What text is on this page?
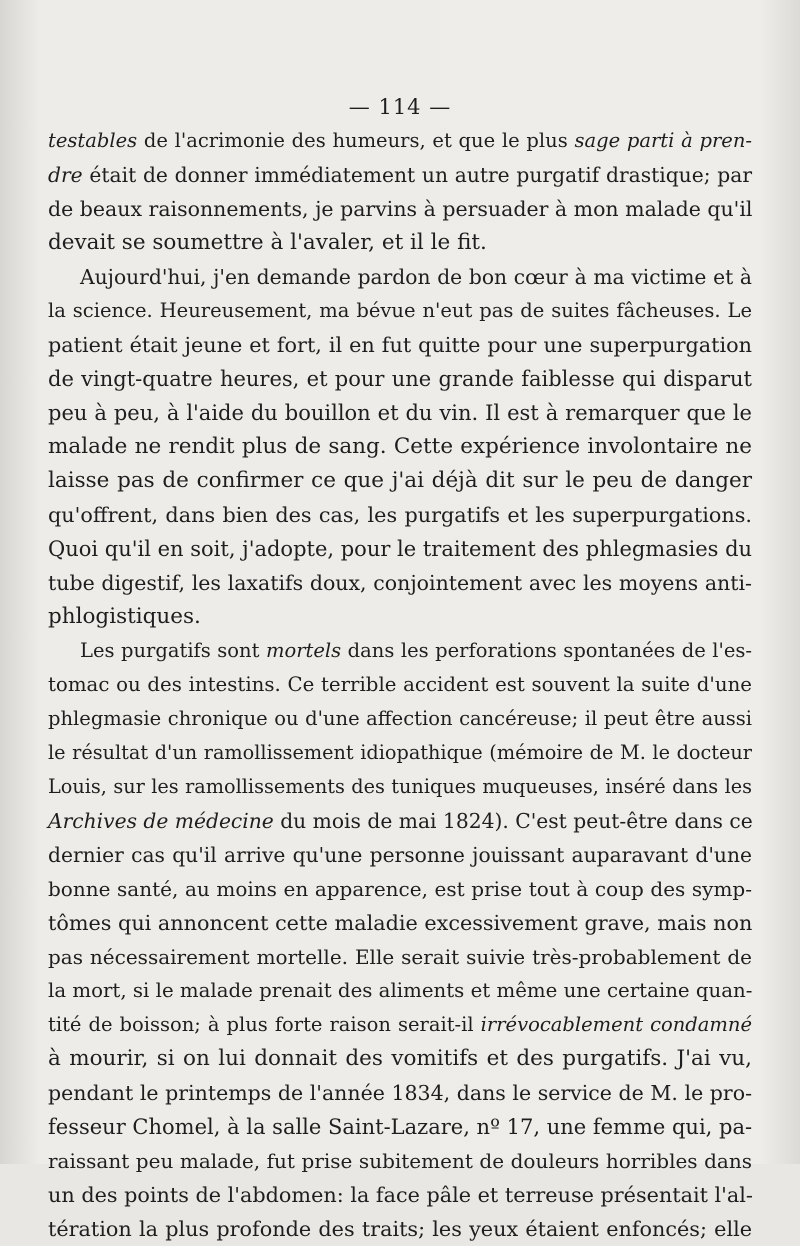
— 114 —
testables de l'acrimonie des humeurs, et que le plus sage parti à pren-
dre était de donner immédiatement un autre purgatif drastique; par
de beaux raisonnements, je parvins à persuader à mon malade qu'il
devait se soumettre à l'avaler, et il le fit.
Aujourd'hui, j'en demande pardon de bon cœur à ma victime et à
la science. Heureusement, ma bévue n'eut pas de suites fâcheuses. Le
patient était jeune et fort, il en fut quitte pour une superpurgation
de vingt-quatre heures, et pour une grande faiblesse qui disparut
peu à peu, à l'aide du bouillon et du vin. Il est à remarquer que le
malade ne rendit plus de sang. Cette expérience involontaire ne
laisse pas de confirmer ce que j'ai déjà dit sur le peu de danger
qu'offrent, dans bien des cas, les purgatifs et les superpurgations.
Quoi qu'il en soit, j'adopte, pour le traitement des phlegmasies du
tube digestif, les laxatifs doux, conjointement avec les moyens anti-
phlogistiques.
Les purgatifs sont mortels dans les perforations spontanées de l'es-
tomac ou des intestins. Ce terrible accident est souvent la suite d'une
phlegmasie chronique ou d'une affection cancéreuse; il peut être aussi
le résultat d'un ramollissement idiopathique (mémoire de M. le docteur
Louis, sur les ramollissements des tuniques muqueuses, inséré dans les
Archives de médecine du mois de mai 1824). C'est peut-être dans ce
dernier cas qu'il arrive qu'une personne jouissant auparavant d'une
bonne santé, au moins en apparence, est prise tout à coup des symp-
tômes qui annoncent cette maladie excessivement grave, mais non
pas nécessairement mortelle. Elle serait suivie très-probablement de
la mort, si le malade prenait des aliments et même une certaine quan-
tité de boisson; à plus forte raison serait-il irrévocablement condamné
à mourir, si on lui donnait des vomitifs et des purgatifs. J'ai vu,
pendant le printemps de l'année 1834, dans le service de M. le pro-
fesseur Chomel, à la salle Saint-Lazare, nº 17, une femme qui, pa-
raissant peu malade, fut prise subitement de douleurs horribles dans
un des points de l'abdomen: la face pâle et terreuse présentait l'al-
tération la plus profonde des traits; les yeux étaient enfoncés; elle
